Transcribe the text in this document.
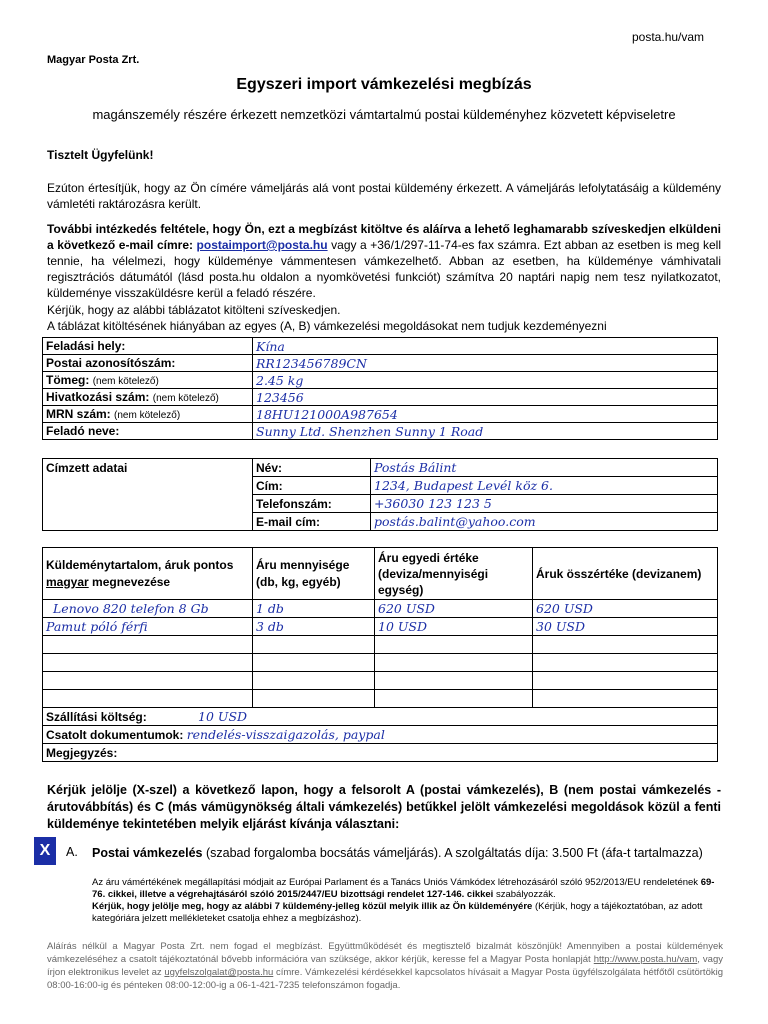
posta.hu/vam
Magyar Posta Zrt.
Egyszeri import vámkezelési megbízás
magánszemély részére érkezett nemzetközi vámtartalmú postai küldeményhez közvetett képviseletre
Tisztelt Ügyfelünk!
Ezúton értesítjük, hogy az Ön címére vámeljárás alá vont postai küldemény érkezett. A vámeljárás lefolytatásáig a küldemény vámletéti raktározásra került.
További intézkedés feltétele, hogy Ön, ezt a megbízást kitöltve és aláírva a lehető leghamarabb szíveskedjen elküldeni a következő e-mail címre: postaimport@posta.hu vagy a +36/1/297-11-74-es fax számra. Ezt abban az esetben is meg kell tennie, ha vélelmezi, hogy küldeménye vámmentesen vámkezelhető. Abban az esetben, ha küldeménye vámhivatali regisztrációs dátumától (lásd posta.hu oldalon a nyomkövetési funkciót) számítva 20 naptári napig nem tesz nyilatkozatot, küldeménye visszaküldésre kerül a feladó részére.
Kérjük, hogy az alábbi táblázatot kitölteni szíveskedjen.
A táblázat kitöltésének hiányában az egyes (A, B) vámkezelési megoldásokat nem tudjuk kezdeményezni
Feladási hely:	Kína
Postai azonosítószám:	RR123456789CN
Tömeg: (nem kötelező)	2.45 kg
Hivatkozási szám: (nem kötelező)	123456
MRN szám: (nem kötelező)	18HU121000A987654
Feladó neve:	Sunny Ltd. Shenzhen Sunny 1 Road
Címzett adatai	Név:	Postás Bálint
	Cím:	1234, Budapest Levél köz 6.
	Telefonszám:	+36030 123 123 5
	E-mail cím:	postás.balint@yahoo.com
Küldeménytartalom, áruk pontos magyar megnevezése	Áru mennyisége (db, kg, egyéb)	Áru egyedi értéke (deviza/mennyiségi egység)	Áruk összértéke (devizanem)
Lenovo 820 telefon 8 Gb	1 db	620 USD	620 USD
Pamut póló férfi	3 db	10 USD	30 USD

Szállítási költség: 10 USD			
Csatolt dokumentumok: rendelés-visszaigazolás, paypal			
Megjegyzés:			
Kérjük jelölje (X-szel) a következő lapon, hogy a felsorolt A (postai vámkezelés), B (nem postai vámkezelés - árutovábbítás) és C (más vámügynökség általi vámkezelés) betűkkel jelölt vámkezelési megoldások közül a fenti küldeménye tekintetében melyik eljárást kívánja választani:
X	A. Postai vámkezelés (szabad forgalomba bocsátás vámeljárás). A szolgáltatás díja: 3.500 Ft (áfa-t tartalmazza)
Az áru vámértékének megállapítási módjait az Európai Parlament és a Tanács Uniós Vámkódex létrehozásáról szóló 952/2013/EU rendeletének 69-76. cikkei, illetve a végrehajtásáról szóló 2015/2447/EU bizottsági rendelet 127-146. cikkei szabályozzák.
Kérjük, hogy jelölje meg, hogy az alábbi 7 küldemény-jelleg közül melyik illik az Ön küldeményére (Kérjük, hogy a tájékoztatóban, az adott kategóriára jelzett mellékleteket csatolja ehhez a megbízáshoz).
Aláírás nélkül a Magyar Posta Zrt. nem fogad el megbízást. Együttműködését és megtisztelő bizalmát köszönjük! Amennyiben a postai küldemények vámkezeléséhez a csatolt tájékoztatónál bővebb információra van szüksége, akkor kérjük, keresse fel a Magyar Posta honlapját http://www.posta.hu/vam, vagy írjon elektronikus levelet az ugyfelszolgalat@posta.hu címre. Vámkezelési kérdésekkel kapcsolatos hívásait a Magyar Posta ügyfélszolgálata hétfőtől csütörtökig 08:00-16:00-ig és pénteken 08:00-12:00-ig a 06-1-421-7235 telefonszámon fogadja.
